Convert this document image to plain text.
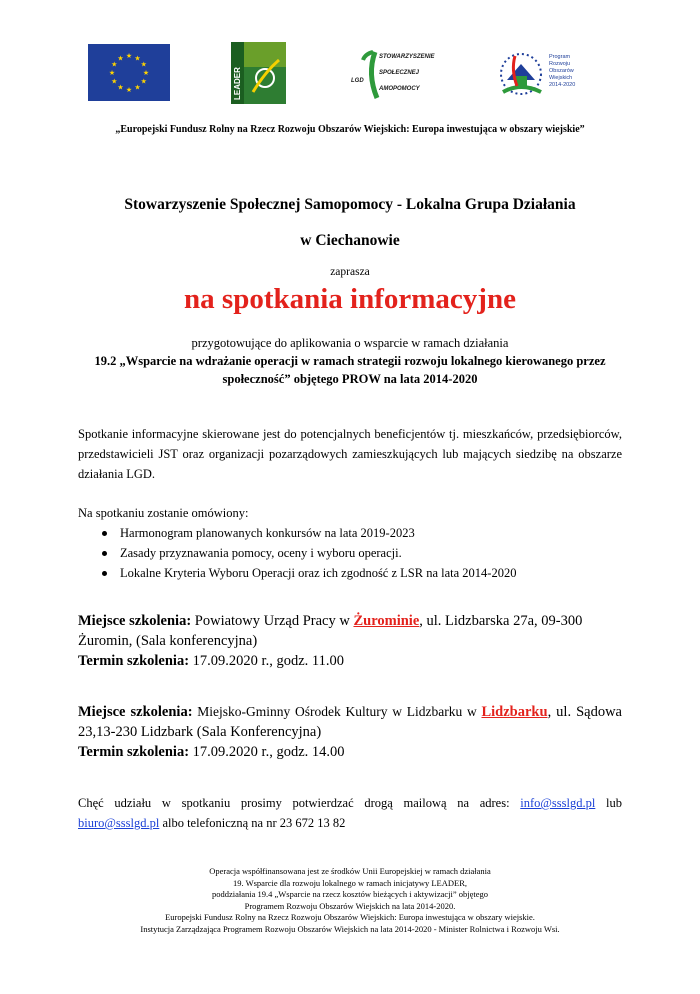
★
★
★
★
★
★
★
★
★ ★ ★
★
LEADER
STOWARZYSZENIE
SPOŁECZNEJ
AMOPOMOCY
LGD
Program
Rozwoju
Obszarów
Wiejskich
2014-2020
„Europejski Fundusz Rolny na Rzecz Rozwoju Obszarów Wiejskich: Europa inwestująca w obszary wiejskie”
Stowarzyszenie Społecznej Samopomocy - Lokalna Grupa Działania
w Ciechanowie
zaprasza
na spotkania informacyjne
przygotowujące do aplikowania o wsparcie w ramach działania
19.2 „Wsparcie na wdrażanie operacji w ramach strategii rozwoju lokalnego kierowanego przez społeczność” objętego PROW na lata 2014-2020
Spotkanie informacyjne skierowane jest do potencjalnych beneficjentów tj. mieszkańców, przedsiębiorców, przedstawicieli JST oraz organizacji pozarządowych zamieszkujących lub mających siedzibę na obszarze działania LGD.
Na spotkaniu zostanie omówiony:
Harmonogram planowanych konkursów na lata 2019-2023
Zasady przyznawania pomocy, oceny i wyboru operacji.
Lokalne Kryteria Wyboru Operacji oraz ich zgodność z LSR na lata 2014-2020
Miejsce szkolenia: Powiatowy Urząd Pracy w Żurominie, ul. Lidzbarska 27a, 09-300 Żuromin, (Sala konferencyjna)
Termin szkolenia: 17.09.2020 r., godz. 11.00
Miejsce szkolenia: Miejsko-Gminny Ośrodek Kultury w Lidzbarku w Lidzbarku, ul. Sądowa 23,13-230 Lidzbark (Sala Konferencyjna)
Termin szkolenia: 17.09.2020 r., godz. 14.00
Chęć udziału w spotkaniu prosimy potwierdzać drogą mailową na adres: info@ssslgd.pl lub biuro@ssslgd.pl albo telefoniczną na nr 23 672 13 82
Operacja współfinansowana jest ze środków Unii Europejskiej w ramach działania
19. Wsparcie dla rozwoju lokalnego w ramach inicjatywy LEADER,
poddziałania 19.4 „Wsparcie na rzecz kosztów bieżących i aktywizacji” objętego
Programem Rozwoju Obszarów Wiejskich na lata 2014-2020.
Europejski Fundusz Rolny na Rzecz Rozwoju Obszarów Wiejskich: Europa inwestująca w obszary wiejskie.
Instytucja Zarządzająca Programem Rozwoju Obszarów Wiejskich na lata 2014-2020 - Minister Rolnictwa i Rozwoju Wsi.
